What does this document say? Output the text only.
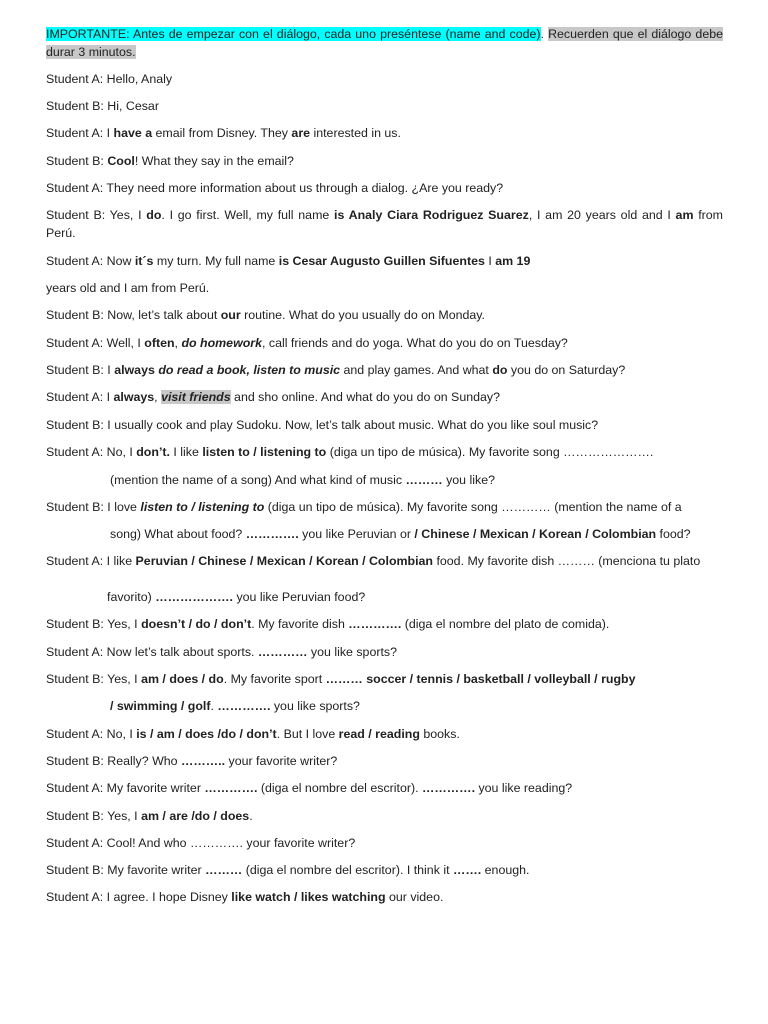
IMPORTANTE: Antes de empezar con el diálogo, cada uno preséntese (name and code). Recuerden que el diálogo debe durar 3 minutos.
Student A: Hello, Analy
Student B: Hi, Cesar
Student A: I have a email from Disney. They are interested in us.
Student B: Cool! What they say in the email?
Student A: They need more information about us through a dialog. ¿Are you ready?
Student B: Yes, I do. I go first. Well, my full name is Analy Ciara Rodriguez Suarez, I am 20 years old and I am from Perú.
Student A: Now it´s my turn. My full name is Cesar Augusto Guillen Sifuentes I am 19
years old and I am from Perú.
Student B: Now, let’s talk about our routine. What do you usually do on Monday.
Student A: Well, I often, do homework, call friends and do yoga. What do you do on Tuesday?
Student B: I always do read a book, listen to music and play games. And what do you do on Saturday?
Student A: I always, visit friends and sho online. And what do you do on Sunday?
Student B: I usually cook and play Sudoku. Now, let’s talk about music. What do you like soul music?
Student A: No, I don’t. I like listen to / listening to (diga un tipo de música). My favorite song ………………….
(mention the name of a song) And what kind of music ……… you like?
Student B: I love listen to / listening to (diga un tipo de música). My favorite song ………… (mention the name of a
song) What about food? …………. you like Peruvian or / Chinese / Mexican / Korean / Colombian food?
Student A: I like Peruvian / Chinese / Mexican / Korean / Colombian food. My favorite dish ……… (menciona tu plato
favorito) ………………. you like Peruvian food?
Student B: Yes, I doesn’t / do / don’t. My favorite dish …………. (diga el nombre del plato de comida).
Student A: Now let’s talk about sports. ………… you like sports?
Student B: Yes, I am / does / do. My favorite sport ……… soccer / tennis / basketball / volleyball / rugby
/ swimming / golf. …………. you like sports?
Student A: No, I is / am / does /do / don’t. But I love read / reading books.
Student B: Really? Who ……….. your favorite writer?
Student A: My favorite writer …………. (diga el nombre del escritor). …………. you like reading?
Student B: Yes, I am / are /do / does.
Student A: Cool! And who …………. your favorite writer?
Student B: My favorite writer ……… (diga el nombre del escritor). I think it ……. enough.
Student A: I agree. I hope Disney like watch / likes watching our video.
